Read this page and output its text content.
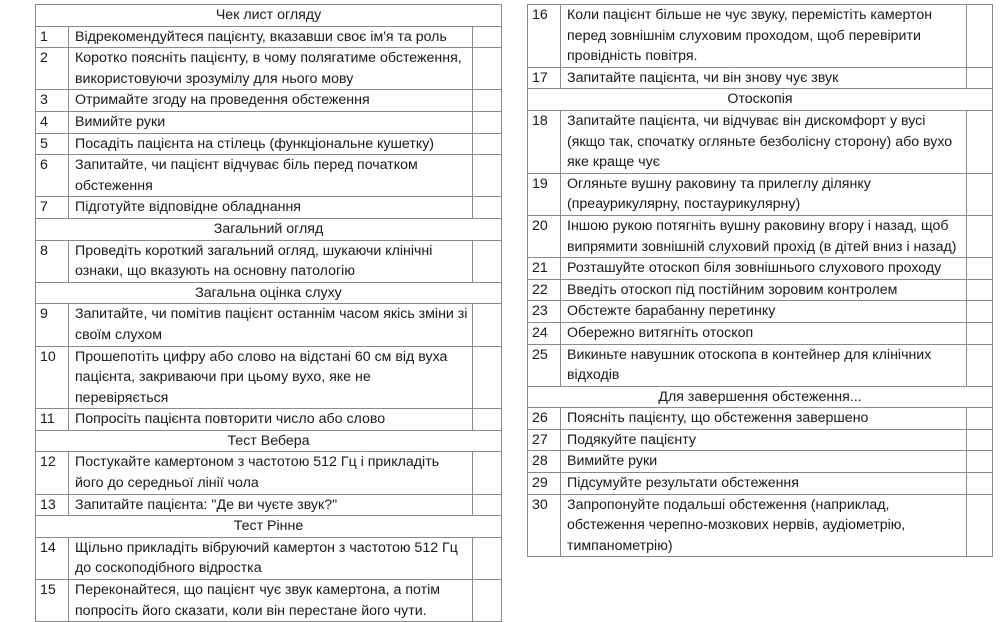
Чек лист огляду		
1	Відрекомендуйтеся пацієнту, вказавши своє ім'я та роль	
2	Коротко поясніть пацієнту, в чому полягатиме обстеження, використовуючи зрозумілу для нього мову	
3	Отримайте згоду на проведення обстеження	
4	Вимийте руки	
5	Посадіть пацієнта на стілець (функціональне кушетку)	
6	Запитайте, чи пацієнт відчуває біль перед початком обстеження	
7	Підготуйте відповідне обладнання	
Загальний огляд		
8	Проведіть короткий загальний огляд, шукаючи клінічні ознаки, що вказують на основну патологію	
Загальна оцінка слуху		
9	Запитайте, чи помітив пацієнт останнім часом якісь зміни зі своїм слухом	
10	Прошепотіть цифру або слово на відстані 60 см від вуха пацієнта, закриваючи при цьому вухо, яке не перевіряється	
11	Попросіть пацієнта повторити число або слово	
Тест Вебера		
12	Постукайте камертоном з частотою 512 Гц і прикладіть його до середньої лінії чола	
13	Запитайте пацієнта: "Де ви чуєте звук?"	
Тест Рінне		
14	Щільно прикладіть вібруючий камертон з частотою 512 Гц до соскоподібного відростка	
15	Переконайтеся, що пацієнт чує звук камертона, а потім попросіть його сказати, коли він перестане його чути.	
16	Коли пацієнт більше не чує звуку, перемістіть камертон перед зовнішнім слуховим проходом, щоб перевірити провідність повітря.	
17	Запитайте пацієнта, чи він знову чує звук	
Отоскопія		
18	Запитайте пацієнта, чи відчуває він дискомфорт у вусі (якщо так, спочатку огляньте безболісну сторону) або вухо яке краще чує	
19	Огляньте вушну раковину та прилеглу ділянку (преаурикулярну, постаурикулярну)	
20	Іншою рукою потягніть вушну раковину вгору і назад, щоб випрямити зовнішній слуховий прохід (в дітей вниз і назад)	
21	Розташуйте отоскоп біля зовнішнього слухового проходу	
22	Введіть отоскоп під постійним зоровим контролем	
23	Обстежте барабанну перетинку	
24	Обережно витягніть отоскоп	
25	Викиньте навушник отоскопа в контейнер для клінічних відходів	
Для завершення обстеження...		
26	Поясніть пацієнту, що обстеження завершено	
27	Подякуйте пацієнту	
28	Вимийте руки	
29	Підсумуйте результати обстеження	
30	Запропонуйте подальші обстеження (наприклад, обстеження черепно-мозкових нервів, аудіометрію, тимпанометрію)	
